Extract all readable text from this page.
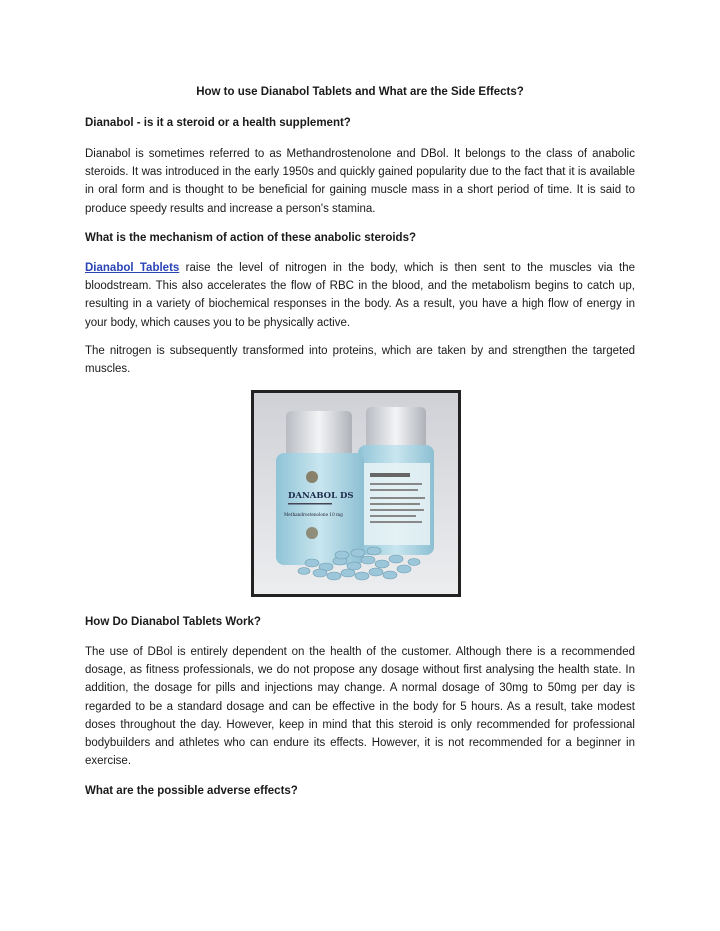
How to use Dianabol Tablets and What are the Side Effects?

Dianabol - is it a steroid or a health supplement?

Dianabol is sometimes referred to as Methandrostenolone and DBol. It belongs to the class of anabolic steroids. It was introduced in the early 1950s and quickly gained popularity due to the fact that it is available in oral form and is thought to be beneficial for gaining muscle mass in a short period of time. It is said to produce speedy results and increase a person's stamina.

What is the mechanism of action of these anabolic steroids?

Dianabol Tablets raise the level of nitrogen in the body, which is then sent to the muscles via the bloodstream. This also accelerates the flow of RBC in the blood, and the metabolism begins to catch up, resulting in a variety of biochemical responses in the body. As a result, you have a high flow of energy in your body, which causes you to be physically active.

The nitrogen is subsequently transformed into proteins, which are taken by and strengthen the targeted muscles.

DANABOL DS
Methandrostenolone 10 mg

How Do Dianabol Tablets Work?

The use of DBol is entirely dependent on the health of the customer. Although there is a recommended dosage, as fitness professionals, we do not propose any dosage without first analysing the health state. In addition, the dosage for pills and injections may change. A normal dosage of 30mg to 50mg per day is regarded to be a standard dosage and can be effective in the body for 5 hours. As a result, take modest doses throughout the day. However, keep in mind that this steroid is only recommended for professional bodybuilders and athletes who can endure its effects. However, it is not recommended for a beginner in exercise.

What are the possible adverse effects?
